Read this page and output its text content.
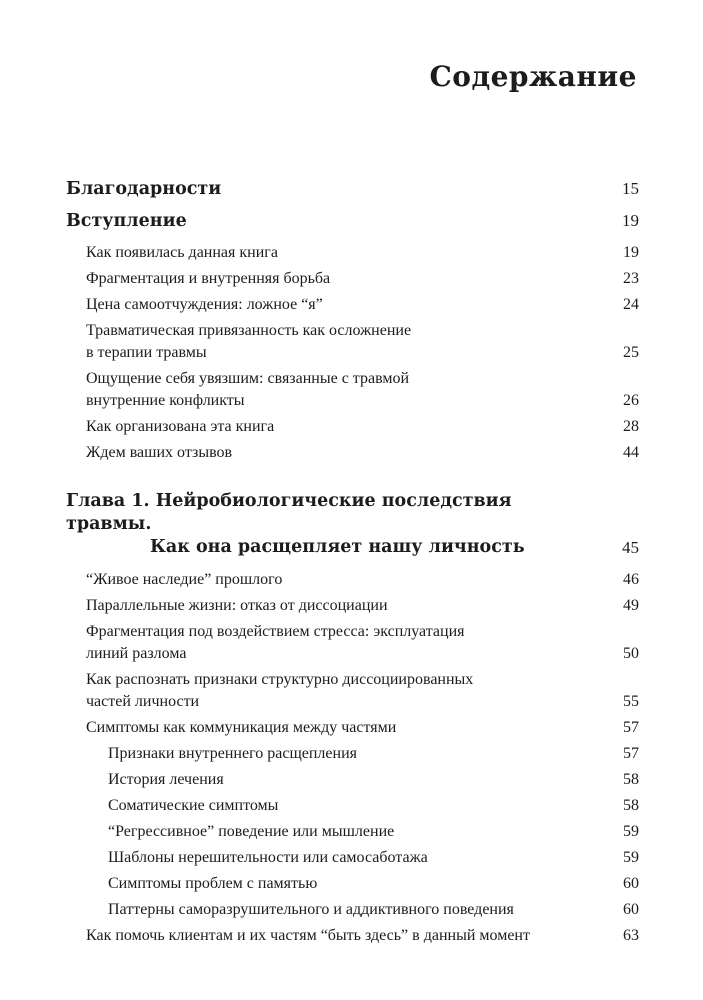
Содержание
Благодарности	15
Вступление	19
Как появилась данная книга	19
Фрагментация и внутренняя борьба	23
Цена самоотчуждения: ложное “я”	24
Травматическая привязанность как осложнение
в терапии травмы	25
Ощущение себя увязшим: связанные с травмой
внутренние конфликты	26
Как организована эта книга	28
Ждем ваших отзывов	44
Глава 1. Нейробиологические последствия травмы.
Как она расщепляет нашу личность	45
“Живое наследие” прошлого	46
Параллельные жизни: отказ от диссоциации	49
Фрагментация под воздействием стресса: эксплуатация
линий разлома	50
Как распознать признаки структурно диссоциированных
частей личности	55
Симптомы как коммуникация между частями	57
Признаки внутреннего расщепления	57
История лечения	58
Соматические симптомы	58
“Регрессивное” поведение или мышление	59
Шаблоны нерешительности или самосаботажа	59
Симптомы проблем с памятью	60
Паттерны саморазрушительного и аддиктивного поведения	60
Как помочь клиентам и их частям “быть здесь” в данный момент	63
